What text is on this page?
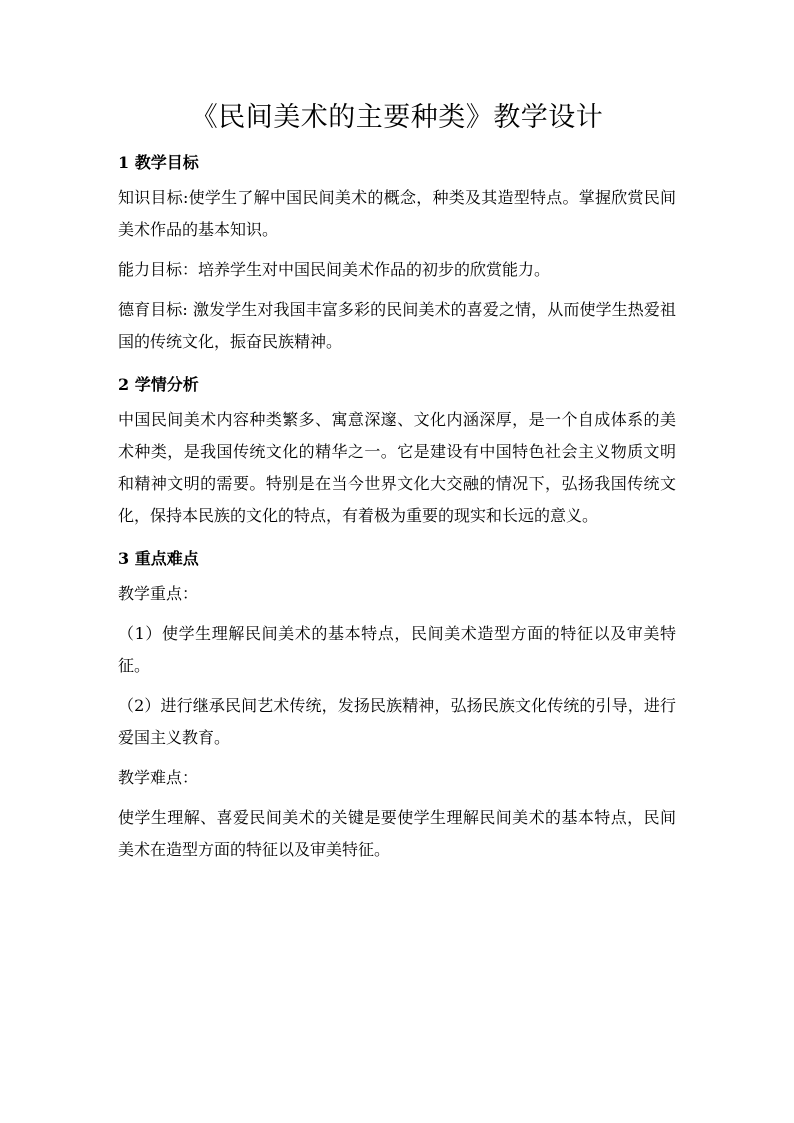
《民间美术的主要种类》教学设计
1 教学目标

知识目标:使学生了解中国民间美术的概念，种类及其造型特点。掌握欣赏民间美术作品的基本知识。

能力目标：培养学生对中国民间美术作品的初步的欣赏能力。

德育目标: 激发学生对我国丰富多彩的民间美术的喜爱之情，从而使学生热爱祖国的传统文化，振奋民族精神。

2 学情分析

中国民间美术内容种类繁多、寓意深邃、文化内涵深厚，是一个自成体系的美术种类，是我国传统文化的精华之一。它是建设有中国特色社会主义物质文明和精神文明的需要。特别是在当今世界文化大交融的情况下，弘扬我国传统文化，保持本民族的文化的特点，有着极为重要的现实和长远的意义。

3 重点难点

教学重点：

（1）使学生理解民间美术的基本特点，民间美术造型方面的特征以及审美特征。

（2）进行继承民间艺术传统，发扬民族精神，弘扬民族文化传统的引导，进行爱国主义教育。

教学难点：

使学生理解、喜爱民间美术的关键是要使学生理解民间美术的基本特点，民间美术在造型方面的特征以及审美特征。
